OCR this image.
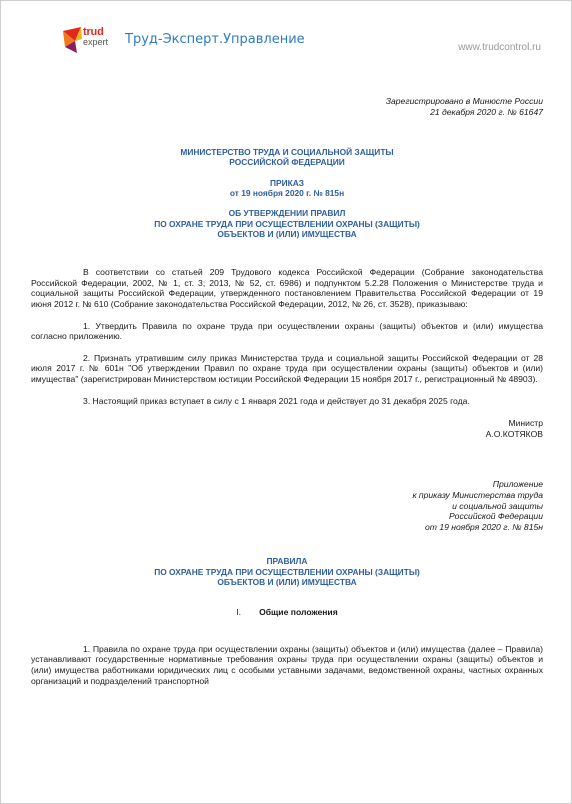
trud
expert Труд-Эксперт.Управление
www.trudcontrol.ru

Зарегистрировано в Минюсте России

21 декабря 2020 г. № 61647

МИНИСТЕРСТВО ТРУДА И СОЦИАЛЬНОЙ ЗАЩИТЫ

РОССИЙСКОЙ ФЕДЕРАЦИИ

ПРИКАЗ

от 19 ноября 2020 г. № 815н

ОБ УТВЕРЖДЕНИИ ПРАВИЛ

ПО ОХРАНЕ ТРУДА ПРИ ОСУЩЕСТВЛЕНИИ ОХРАНЫ (ЗАЩИТЫ)

ОБЪЕКТОВ И (ИЛИ) ИМУЩЕСТВА

В соответствии со статьей 209 Трудового кодекса Российской Федерации (Собрание законодательства Российской Федерации, 2002, № 1, ст. 3; 2013, № 52, ст. 6986) и подпунктом 5.2.28 Положения о Министерстве труда и социальной защиты Российской Федерации, утвержденного постановлением Правительства Российской Федерации от 19 июня 2012 г. № 610 (Собрание законодательства Российской Федерации, 2012, № 26, ст. 3528), приказываю:

1. Утвердить Правила по охране труда при осуществлении охраны (защиты) объектов и (или) имущества согласно приложению.

2. Признать утратившим силу приказ Министерства труда и социальной защиты Российской Федерации от 28 июля 2017 г. № 601н "Об утверждении Правил по охране труда при осуществлении охраны (защиты) объектов и (или) имущества" (зарегистрирован Министерством юстиции Российской Федерации 15 ноября 2017 г., регистрационный № 48903).

3. Настоящий приказ вступает в силу с 1 января 2021 года и действует до 31 декабря 2025 года.

Министр

А.О.КОТЯКОВ

Приложение

к приказу Министерства труда

и социальной защиты

Российской Федерации

от 19 ноября 2020 г. № 815н

ПРАВИЛА

ПО ОХРАНЕ ТРУДА ПРИ ОСУЩЕСТВЛЕНИИ ОХРАНЫ (ЗАЩИТЫ)

ОБЪЕКТОВ И (ИЛИ) ИМУЩЕСТВА

I. Общие положения

1. Правила по охране труда при осуществлении охраны (защиты) объектов и (или) имущества (далее – Правила) устанавливают государственные нормативные требования охраны труда при осуществлении охраны (защиты) объектов и (или) имущества работниками юридических лиц с особыми уставными задачами, ведомственной охраны, частных охранных организаций и подразделений транспортной
